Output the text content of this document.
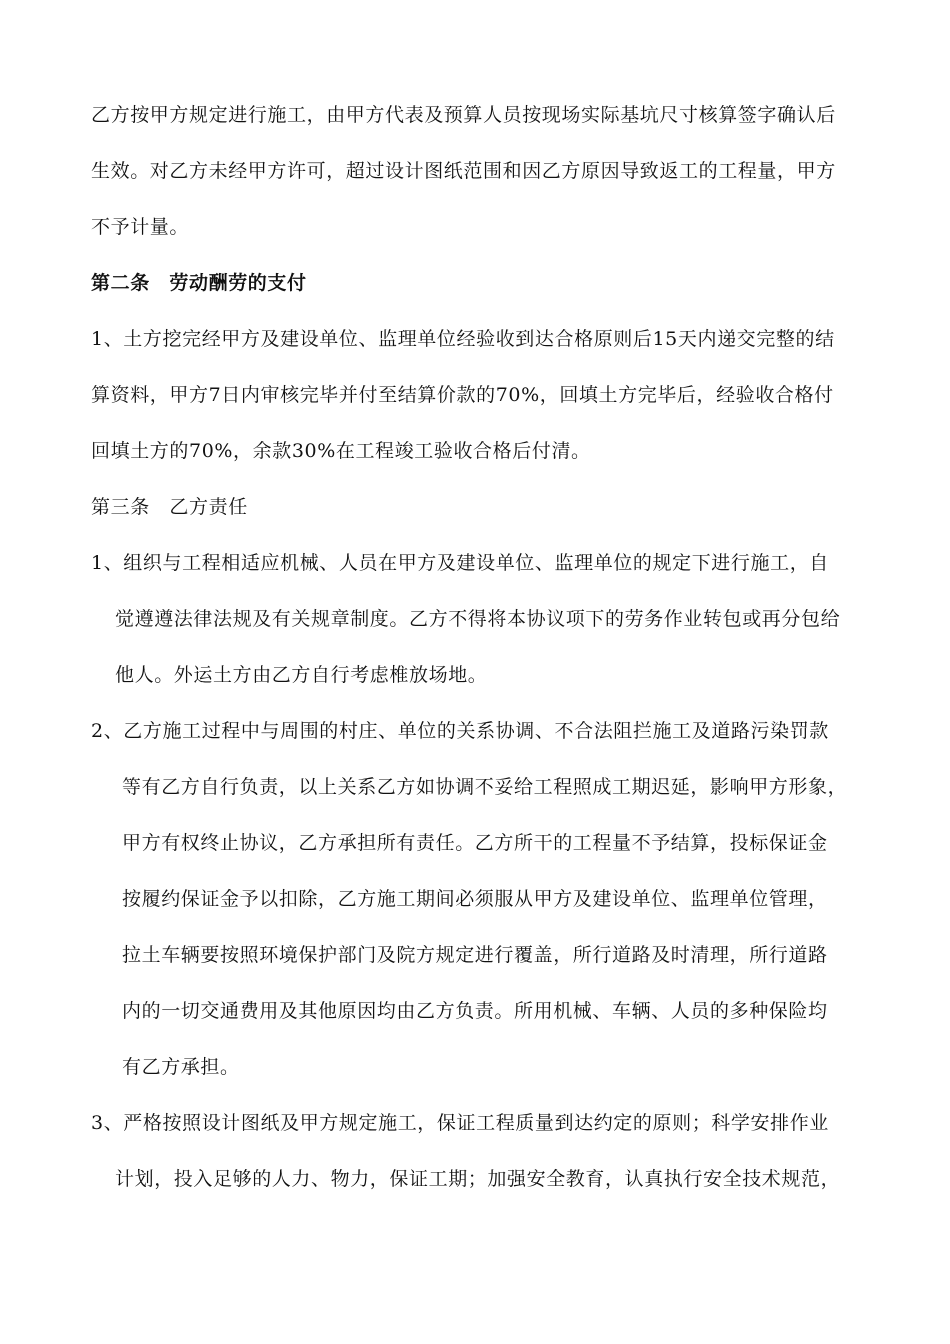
乙方按甲方规定进行施工，由甲方代表及预算人员按现场实际基坑尺寸核算签字确认后
生效。对乙方未经甲方许可，超过设计图纸范围和因乙方原因导致返工的工程量，甲方
不予计量。
第二条　劳动酬劳的支付
1、土方挖完经甲方及建设单位、监理单位经验收到达合格原则后15天内递交完整的结
算资料，甲方7日内审核完毕并付至结算价款的70%，回填土方完毕后，经验收合格付
回填土方的70%，余款30%在工程竣工验收合格后付清。
第三条　乙方责任
1、组织与工程相适应机械、人员在甲方及建设单位、监理单位的规定下进行施工，自
觉遵遵法律法规及有关规章制度。乙方不得将本协议项下的劳务作业转包或再分包给
他人。外运土方由乙方自行考虑椎放场地。
2、乙方施工过程中与周围的村庄、单位的关系协调、不合法阻拦施工及道路污染罚款
等有乙方自行负责，以上关系乙方如协调不妥给工程照成工期迟延，影响甲方形象，
甲方有权终止协议，乙方承担所有责任。乙方所干的工程量不予结算，投标保证金
按履约保证金予以扣除，乙方施工期间必须服从甲方及建设单位、监理单位管理，
拉土车辆要按照环境保护部门及院方规定进行覆盖，所行道路及时清理，所行道路
内的一切交通费用及其他原因均由乙方负责。所用机械、车辆、人员的多种保险均
有乙方承担。
3、严格按照设计图纸及甲方规定施工，保证工程质量到达约定的原则；科学安排作业
计划，投入足够的人力、物力，保证工期；加强安全教育，认真执行安全技术规范，
